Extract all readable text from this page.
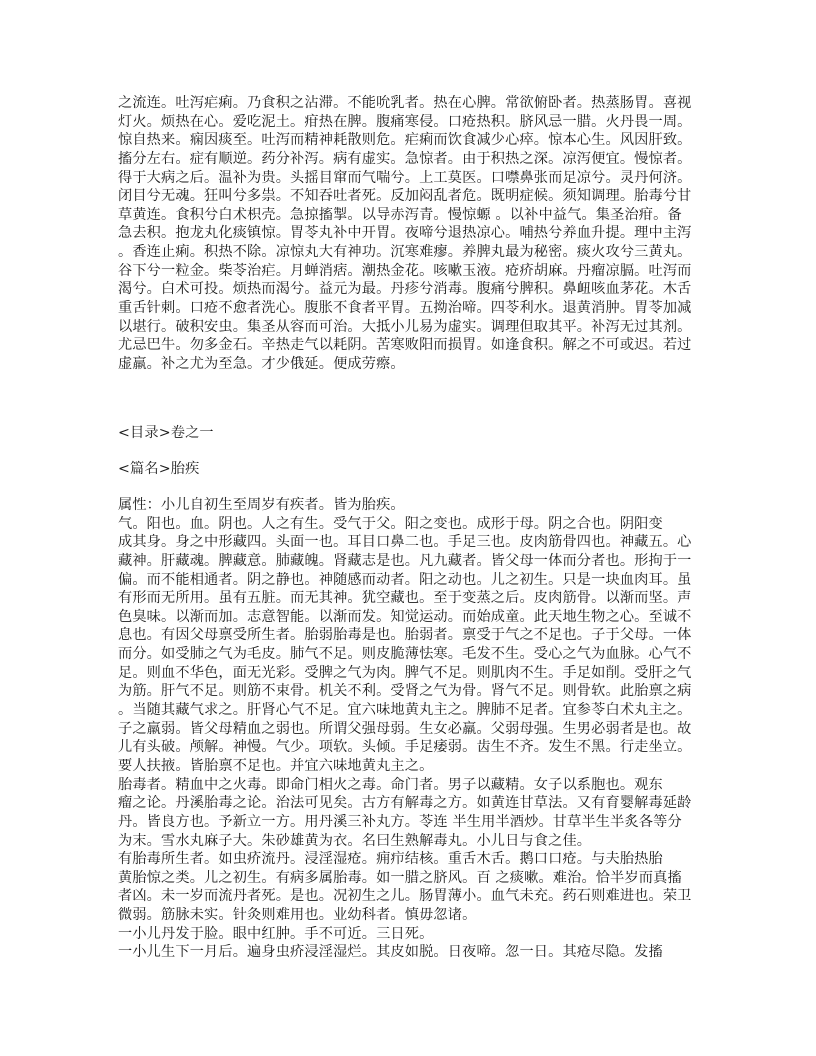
之流连。吐泻疟痢。乃食积之沾滞。不能吮乳者。热在心脾。常欲俯卧者。热蒸肠胃。喜视
灯火。烦热在心。爱吃泥土。疳热在脾。腹痛寒侵。口疮热积。脐风忌一腊。火丹畏一周。
惊自热来。痫因痰至。吐泻而精神耗散则危。疟痢而饮食减少心瘁。惊本心生。风因肝致。
搐分左右。症有顺逆。药分补泻。病有虚实。急惊者。由于积热之深。凉泻便宜。慢惊者。
得于大病之后。温补为贵。头摇目窜而气喘兮。上工莫医。口噤鼻张而足凉兮。灵丹何济。
闭目兮无魂。狂叫兮多祟。不知吞吐者死。反加闷乱者危。既明症候。须知调理。胎毒兮甘
草黄连。食积兮白术枳壳。急掠搐掣。以导赤泻青。慢惊螈 。以补中益气。集圣治疳。备
急去积。抱龙丸化痰镇惊。胃苓丸补中开胃。夜啼兮退热凉心。哺热兮养血升提。理中主泻
。香连止痢。积热不除。凉惊丸大有神功。沉寒难瘳。养脾丸最为秘密。痰火攻兮三黄丸。
谷下兮一粒金。柴苓治疟。月蝉消痞。潮热金花。咳嗽玉液。疮疥胡麻。丹瘤凉膈。吐泻而
渴兮。白术可投。烦热而渴兮。益元为最。丹疹兮消毒。腹痛兮脾积。鼻衄咳血茅花。木舌
重舌针刺。口疮不愈者洗心。腹胀不食者平胃。五拗治啼。四苓利水。退黄消肿。胃苓加减
以堪行。破积安虫。集圣从容而可治。大抵小儿易为虚实。调理但取其平。补泻无过其剂。
尤忌巴牛。勿多金石。辛热走气以耗阴。苦寒败阳而损胃。如逢食积。解之不可或迟。若过
虚羸。补之尤为至急。才少俄延。便成劳瘵。
<目录>卷之一
<篇名>胎疾
属性：小儿自初生至周岁有疾者。皆为胎疾。
气。阳也。血。阴也。人之有生。受气于父。阳之变也。成形于母。阴之合也。阴阳变
成其身。身之中形藏四。头面一也。耳目口鼻二也。手足三也。皮肉筋骨四也。神藏五。心
藏神。肝藏魂。脾藏意。肺藏魄。肾藏志是也。凡九藏者。皆父母一体而分者也。形拘于一
偏。而不能相通者。阴之静也。神随感而动者。阳之动也。儿之初生。只是一块血肉耳。虽
有形而无所用。虽有五脏。而无其神。犹空藏也。至于变蒸之后。皮肉筋骨。以渐而坚。声
色臭味。以渐而加。志意智能。以渐而发。知觉运动。而始成童。此天地生物之心。至诚不
息也。有因父母禀受所生者。胎弱胎毒是也。胎弱者。禀受于气之不足也。子于父母。一体
而分。如受肺之气为毛皮。肺气不足。则皮脆薄怯寒。毛发不生。受心之气为血脉。心气不
足。则血不华色，面无光彩。受脾之气为肉。脾气不足。则肌肉不生。手足如削。受肝之气
为筋。肝气不足。则筋不束骨。机关不利。受肾之气为骨。肾气不足。则骨软。此胎禀之病
。当随其藏气求之。肝肾心气不足。宜六味地黄丸主之。脾肺不足者。宜参苓白术丸主之。
子之羸弱。皆父母精血之弱也。所谓父强母弱。生女必羸。父弱母强。生男必弱者是也。故
儿有头破。颅解。神慢。气少。项软。头倾。手足痿弱。齿生不齐。发生不黑。行走坐立。
要人扶掖。皆胎禀不足也。并宜六味地黄丸主之。
胎毒者。精血中之火毒。即命门相火之毒。命门者。男子以藏精。女子以系胞也。观东
瘤之论。丹溪胎毒之论。治法可见矣。古方有解毒之方。如黄连甘草法。又有育婴解毒延龄
丹。皆良方也。予新立一方。用丹溪三补丸方。苓连 半生用半酒炒。甘草半生半炙各等分
为末。雪水丸麻子大。朱砂雄黄为衣。名曰生熟解毒丸。小儿日与食之佳。
有胎毒所生者。如虫疥流丹。浸淫湿疮。痈疖结核。重舌木舌。鹅口口疮。与夫胎热胎
黄胎惊之类。儿之初生。有病多属胎毒。如一腊之脐风。百 之痰嗽。难治。恰半岁而真搐
者凶。未一岁而流丹者死。是也。况初生之儿。肠胃薄小。血气未充。药石则难进也。荣卫
微弱。筋脉未实。针灸则难用也。业幼科者。慎毋忽诸。
一小儿丹发于脸。眼中红肿。手不可近。三日死。
一小儿生下一月后。遍身虫疥浸淫湿烂。其皮如脱。日夜啼。忽一日。其疮尽隐。发搐
